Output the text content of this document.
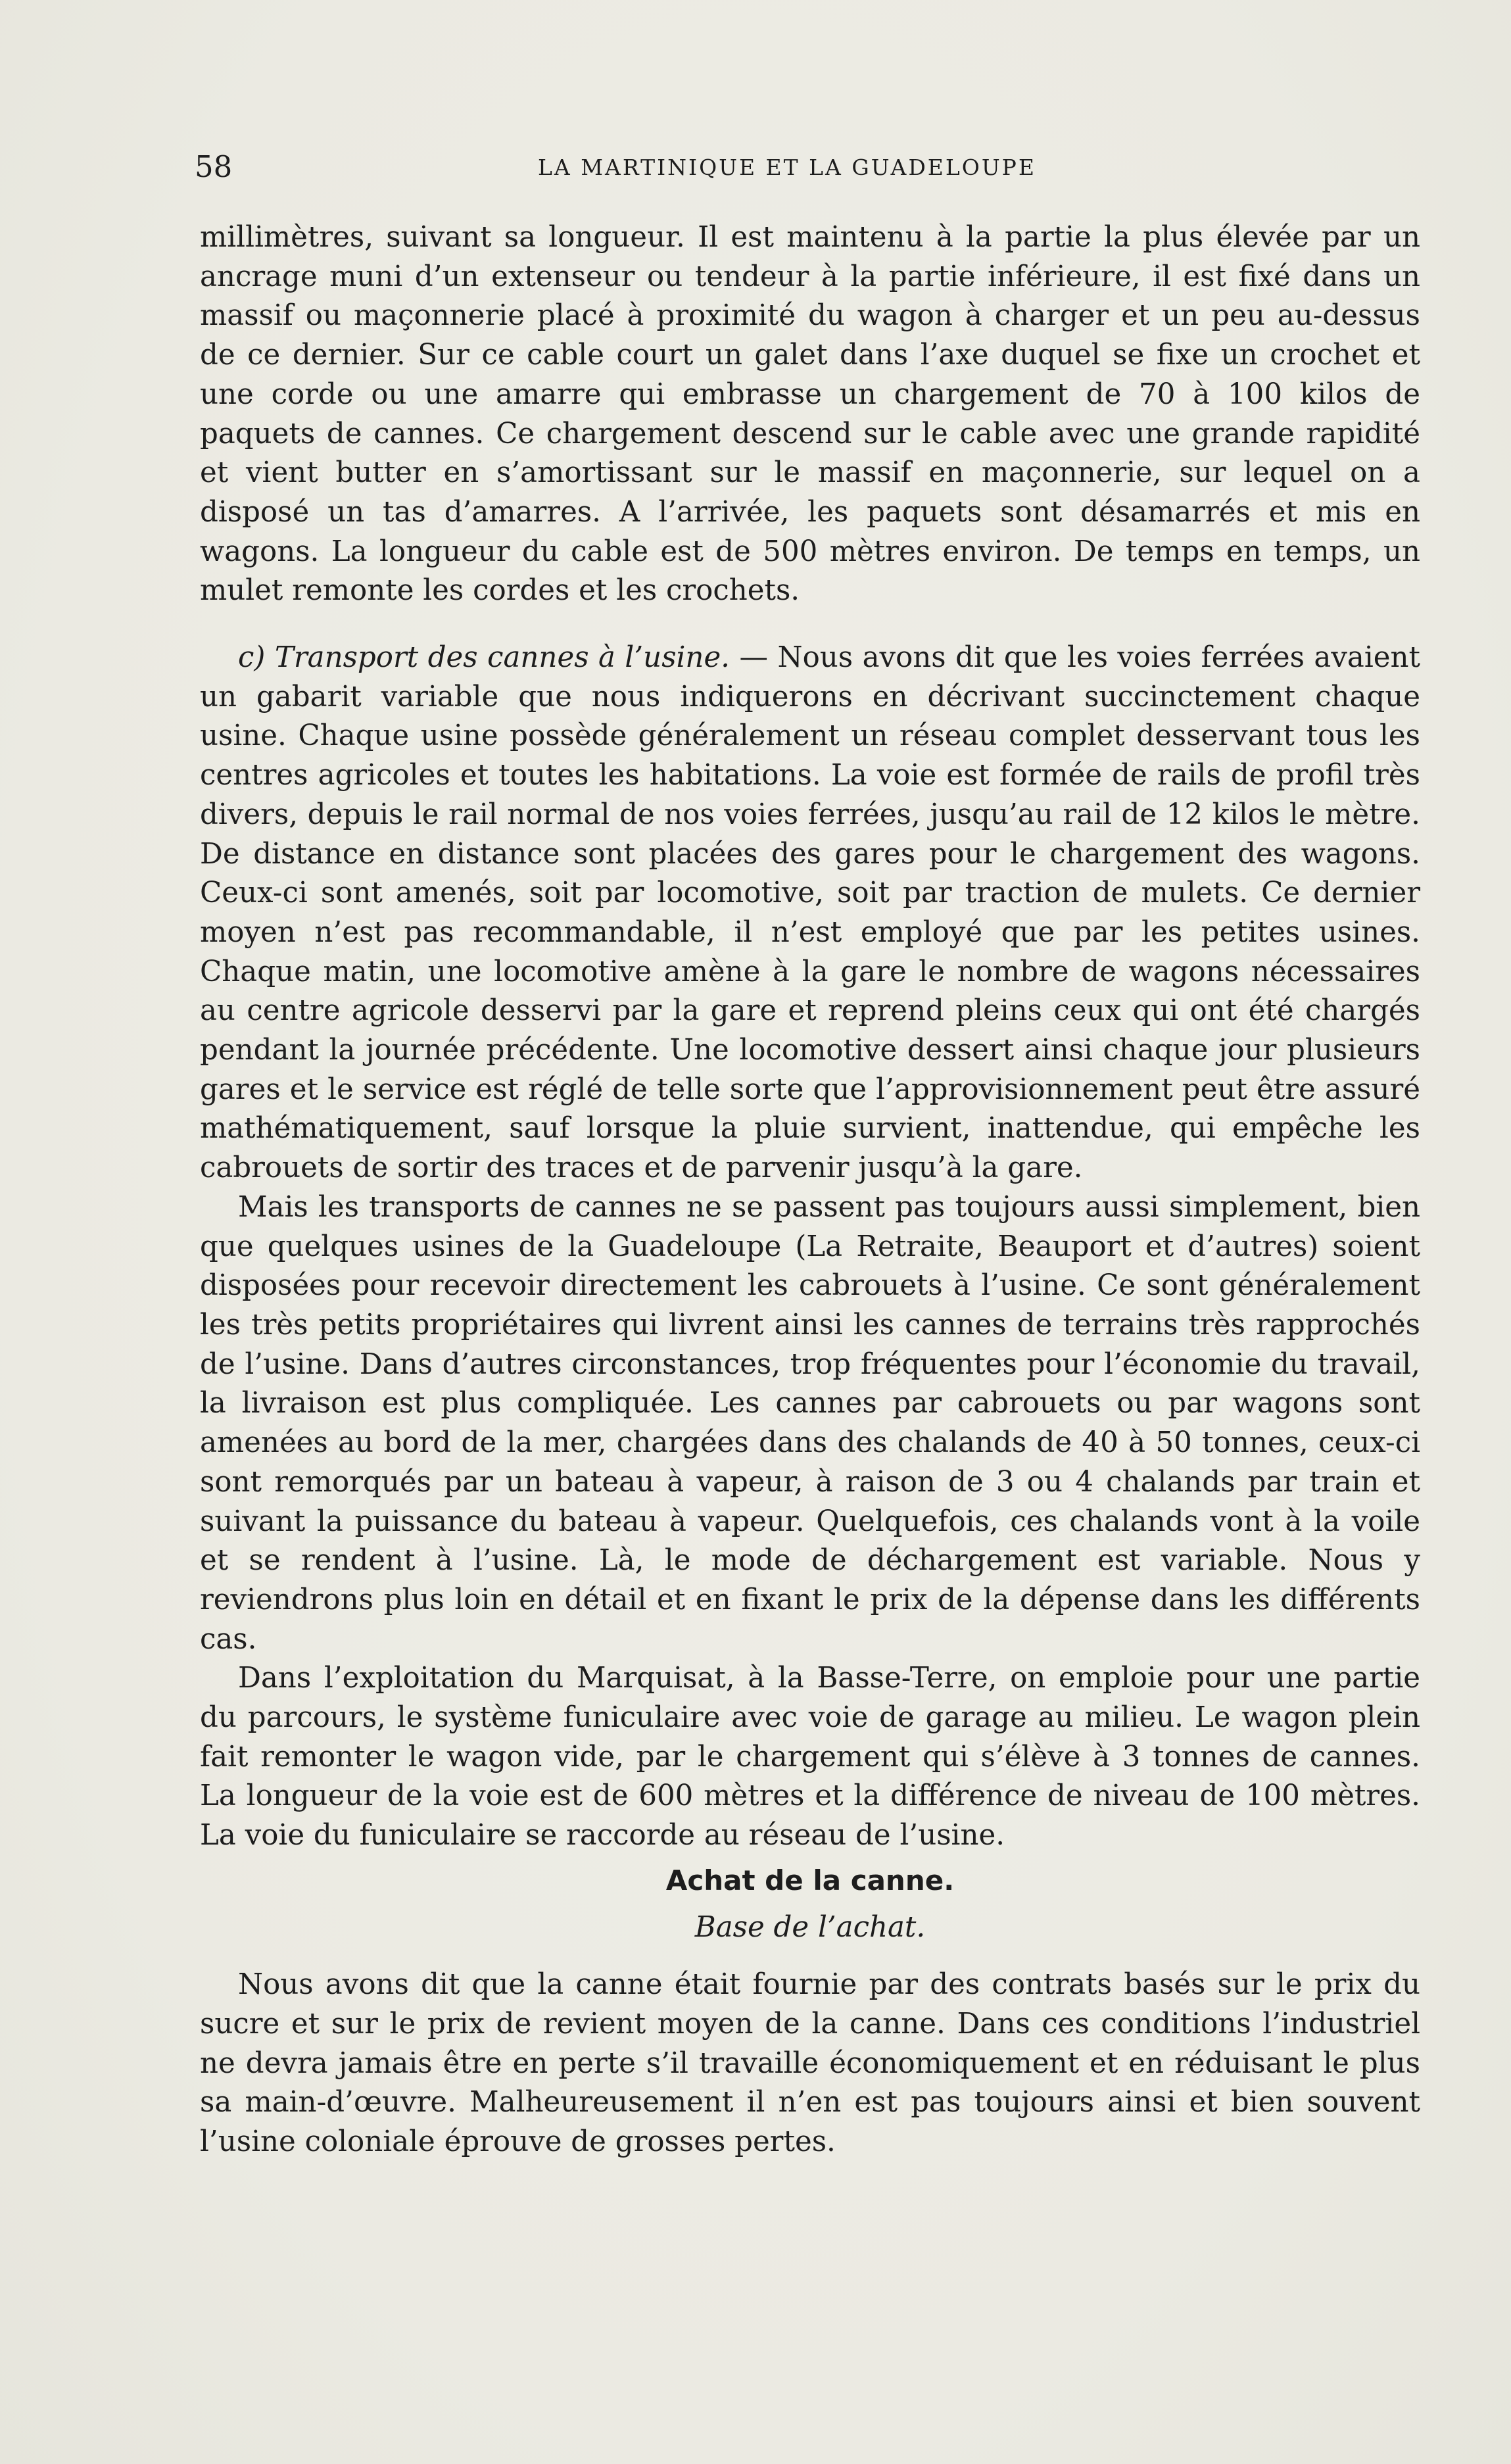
58	LA MARTINIQUE ET LA GUADELOUPE

millimètres, suivant sa longueur. Il est maintenu à la partie la plus élevée par un ancrage muni d’un extenseur ou tendeur à la partie inférieure, il est fixé dans un massif ou maçonnerie placé à proximité du wagon à charger et un peu au-dessus de ce dernier. Sur ce cable court un galet dans l’axe duquel se fixe un crochet et une corde ou une amarre qui embrasse un chargement de 70 à 100 kilos de paquets de cannes. Ce chargement descend sur le cable avec une grande rapidité et vient butter en s’amortissant sur le massif en maçonnerie, sur lequel on a disposé un tas d’amarres. A l’arrivée, les paquets sont désamarrés et mis en wagons. La longueur du cable est de 500 mètres environ. De temps en temps, un mulet remonte les cordes et les crochets.

c) Transport des cannes à l’usine. — Nous avons dit que les voies ferrées avaient un gabarit variable que nous indiquerons en décrivant succinctement chaque usine. Chaque usine possède généralement un réseau complet desservant tous les centres agricoles et toutes les habitations. La voie est formée de rails de profil très divers, depuis le rail normal de nos voies ferrées, jusqu’au rail de 12 kilos le mètre. De distance en distance sont placées des gares pour le chargement des wagons. Ceux-ci sont amenés, soit par locomotive, soit par traction de mulets. Ce dernier moyen n’est pas recommandable, il n’est employé que par les petites usines. Chaque matin, une locomotive amène à la gare le nombre de wagons nécessaires au centre agricole desservi par la gare et reprend pleins ceux qui ont été chargés pendant la journée précédente. Une locomotive dessert ainsi chaque jour plusieurs gares et le service est réglé de telle sorte que l’approvisionnement peut être assuré mathématiquement, sauf lorsque la pluie survient, inattendue, qui empêche les cabrouets de sortir des traces et de parvenir jusqu’à la gare.

Mais les transports de cannes ne se passent pas toujours aussi simplement, bien que quelques usines de la Guadeloupe (La Retraite, Beauport et d’autres) soient disposées pour recevoir directement les cabrouets à l’usine. Ce sont généralement les très petits propriétaires qui livrent ainsi les cannes de terrains très rapprochés de l’usine. Dans d’autres circonstances, trop fréquentes pour l’économie du travail, la livraison est plus compliquée. Les cannes par cabrouets ou par wagons sont amenées au bord de la mer, chargées dans des chalands de 40 à 50 tonnes, ceux-ci sont remorqués par un bateau à vapeur, à raison de 3 ou 4 chalands par train et suivant la puissance du bateau à vapeur. Quelquefois, ces chalands vont à la voile et se rendent à l’usine. Là, le mode de déchargement est variable. Nous y reviendrons plus loin en détail et en fixant le prix de la dépense dans les différents cas.

Dans l’exploitation du Marquisat, à la Basse-Terre, on emploie pour une partie du parcours, le système funiculaire avec voie de garage au milieu. Le wagon plein fait remonter le wagon vide, par le chargement qui s’élève à 3 tonnes de cannes. La longueur de la voie est de 600 mètres et la différence de niveau de 100 mètres. La voie du funiculaire se raccorde au réseau de l’usine.

Achat de la canne.

Base de l’achat.

Nous avons dit que la canne était fournie par des contrats basés sur le prix du sucre et sur le prix de revient moyen de la canne. Dans ces conditions l’industriel ne devra jamais être en perte s’il travaille économiquement et en réduisant le plus sa main-d’œuvre. Malheureusement il n’en est pas toujours ainsi et bien souvent l’usine coloniale éprouve de grosses pertes.
